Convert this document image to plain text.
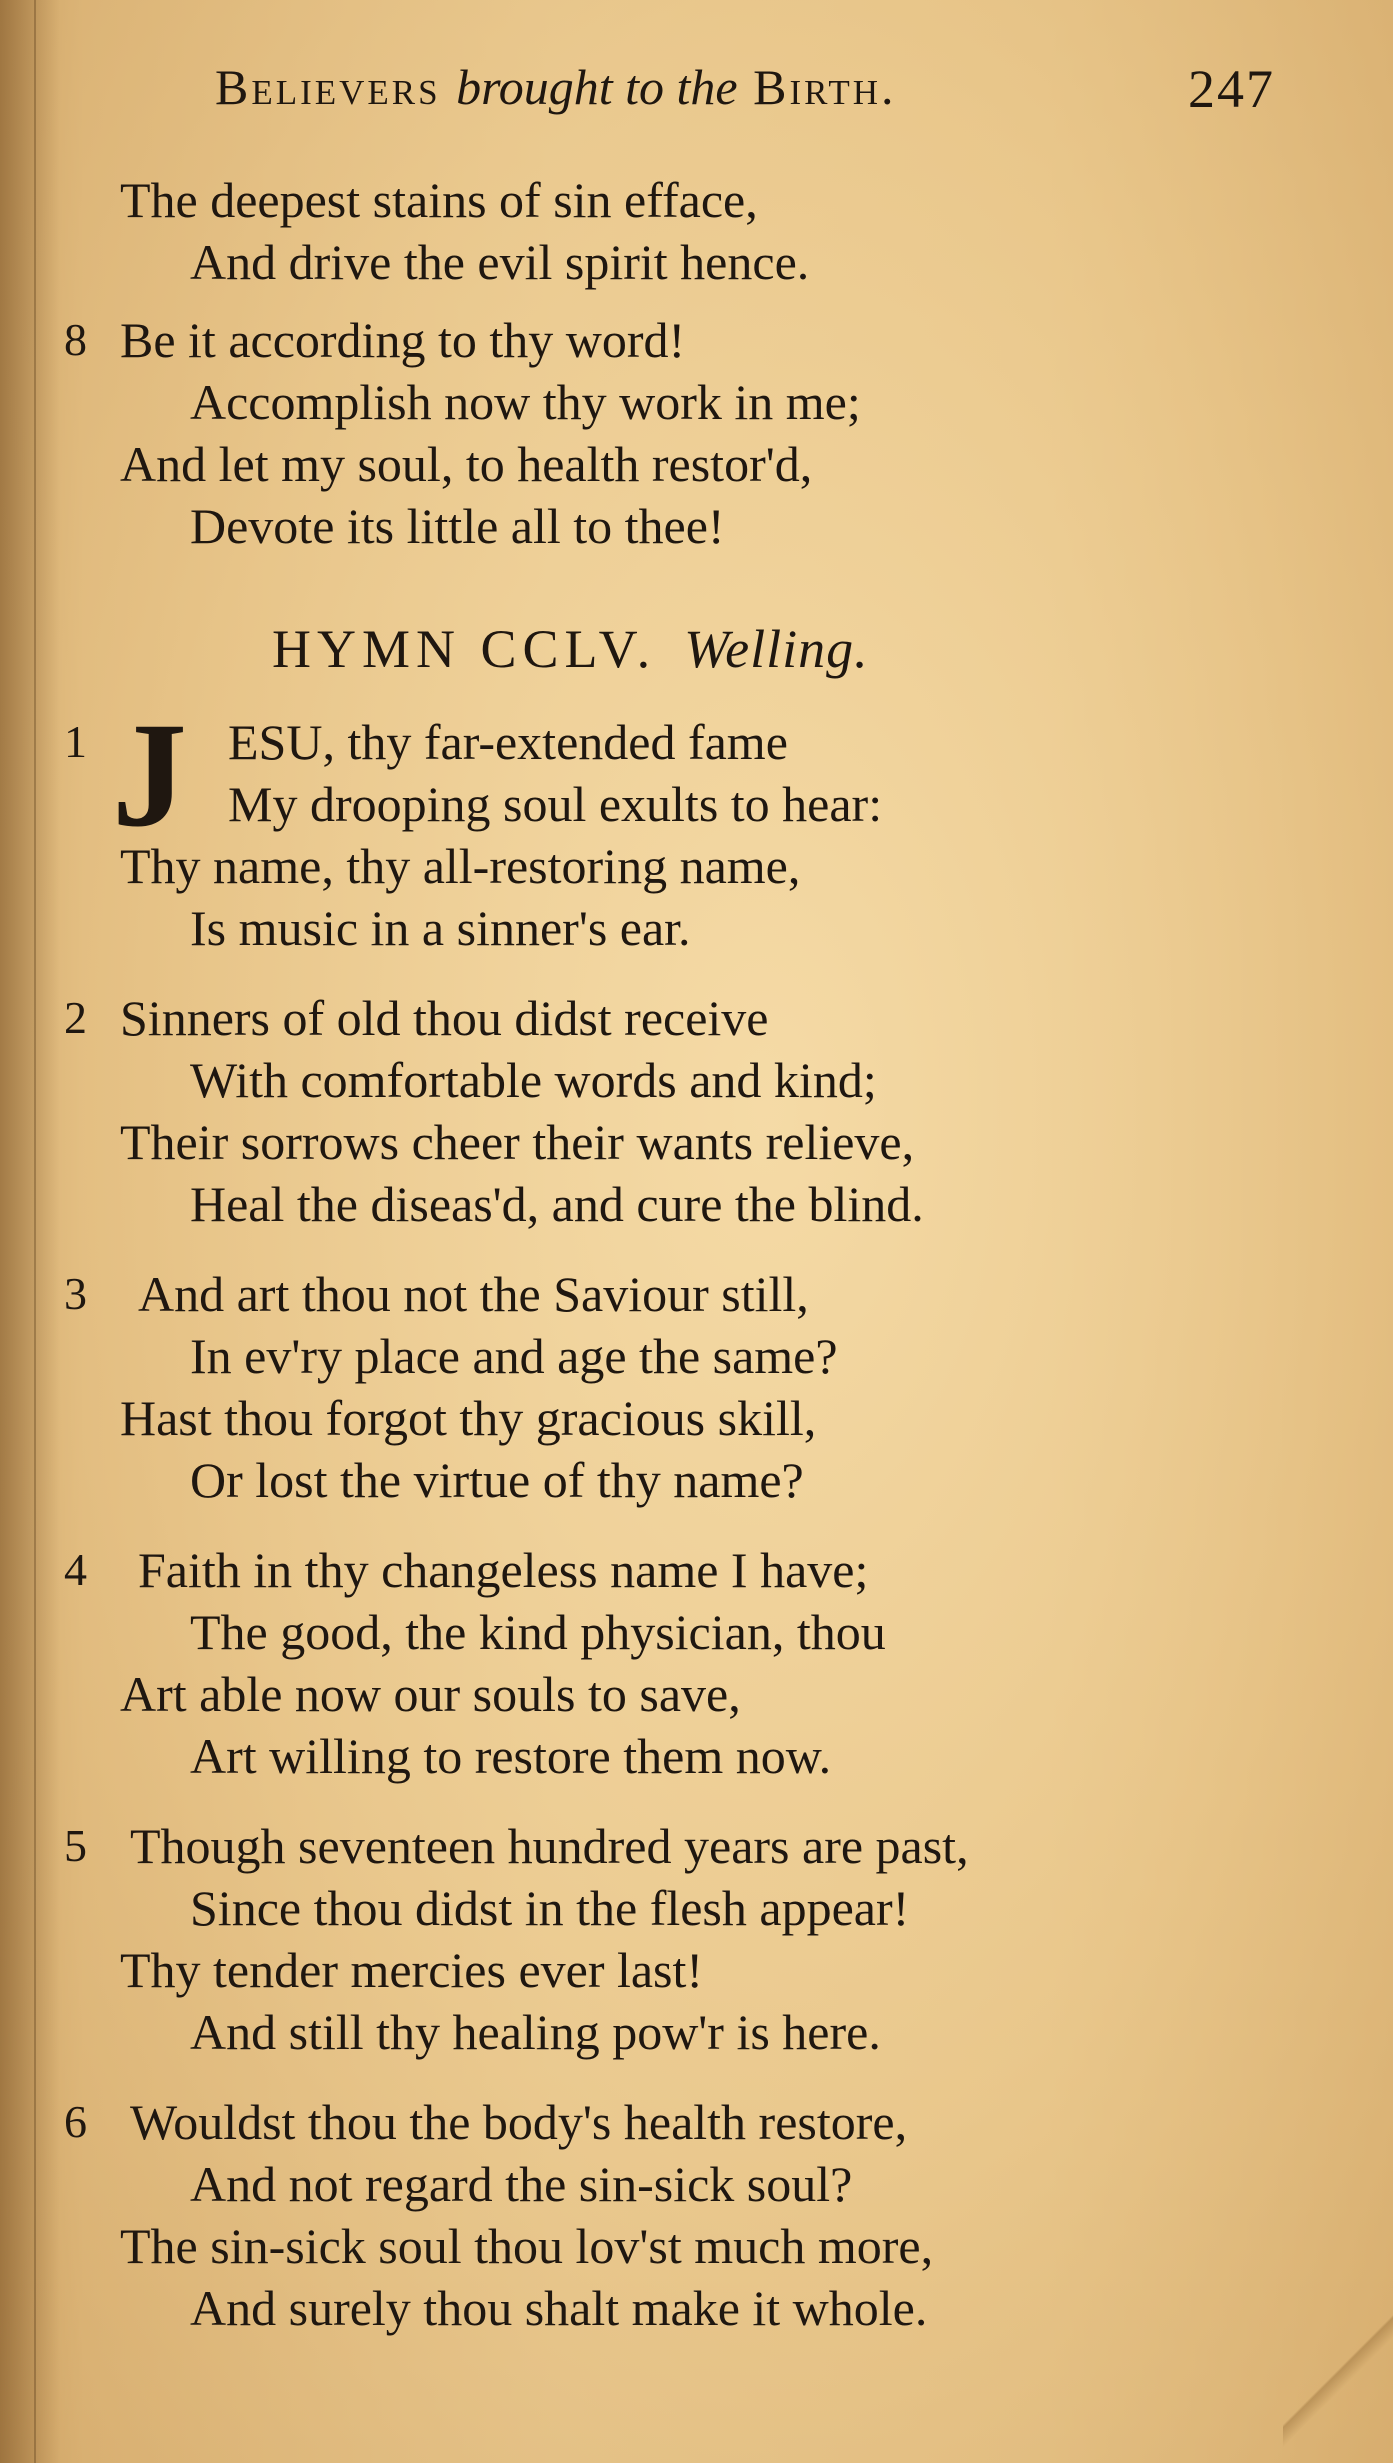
Believers brought to the Birth.	247
The deepest stains of sin efface,
And drive the evil spirit hence.
8 Be it according to thy word!
Accomplish now thy work in me;
And let my soul, to health restor'd,
Devote its little all to thee!
HYMN CCLV. Welling.
1 J ESU, thy far-extended fame
My drooping soul exults to hear:
Thy name, thy all-restoring name,
Is music in a sinner's ear.
2 Sinners of old thou didst receive
With comfortable words and kind;
Their sorrows cheer their wants relieve,
Heal the diseas'd, and cure the blind.
3 And art thou not the Saviour still,
In ev'ry place and age the same?
Hast thou forgot thy gracious skill,
Or lost the virtue of thy name?
4 Faith in thy changeless name I have;
The good, the kind physician, thou
Art able now our souls to save,
Art willing to restore them now.
5 Though seventeen hundred years are past,
Since thou didst in the flesh appear!
Thy tender mercies ever last!
And still thy healing pow'r is here.
6 Wouldst thou the body's health restore,
And not regard the sin-sick soul?
The sin-sick soul thou lov'st much more,
And surely thou shalt make it whole.
